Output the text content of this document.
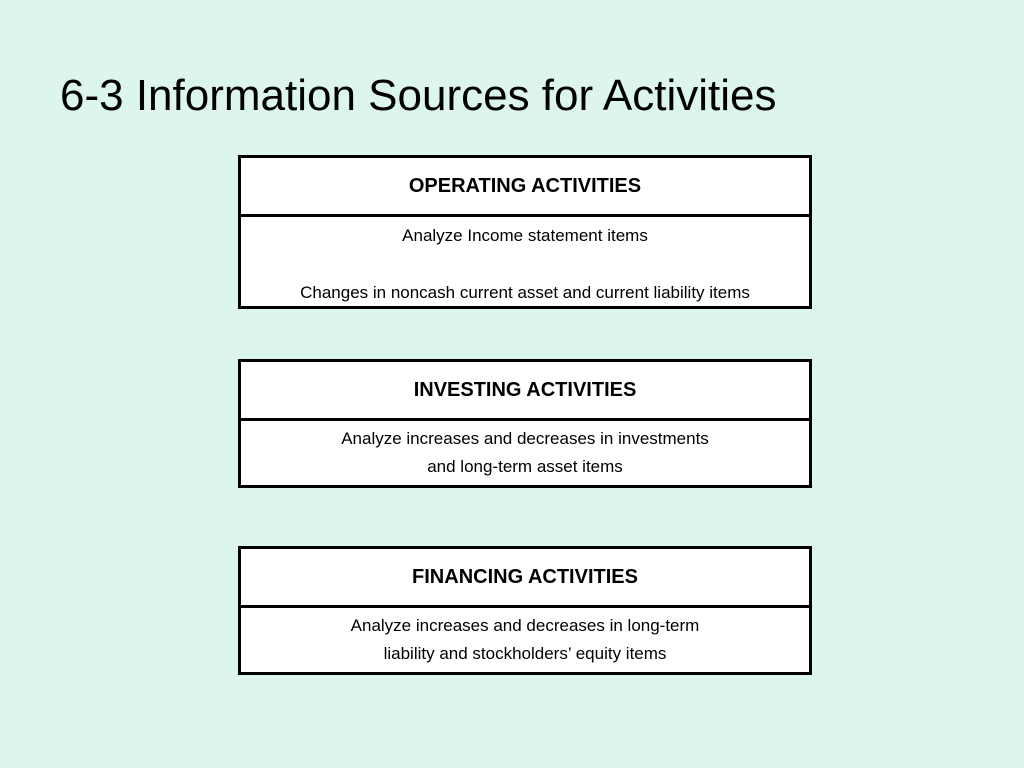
6-3 Information Sources for Activities
OPERATING ACTIVITIES
Analyze Income statement items
Changes in noncash current asset and current liability items
INVESTING ACTIVITIES
Analyze increases and decreases in investments
and long-term asset items
FINANCING ACTIVITIES
Analyze increases and decreases in long-term
liability and stockholders’ equity items
